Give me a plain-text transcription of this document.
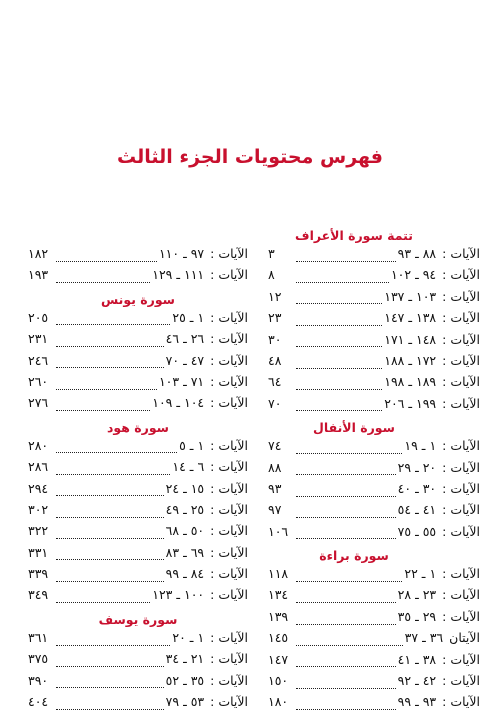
فهرس محتويات الجزء الثالث
تتمة سورة الأعراف
الآيات :
٨٨ ـ ٩٣
٣
الآيات :
٩٤ ـ ١٠٢
٨
الآيات :
١٠٣ ـ ١٣٧
١٢
الآيات :
١٣٨ ـ ١٤٧
٢٣
الآيات :
١٤٨ ـ ١٧١
٣٠
الآيات :
١٧٢ ـ ١٨٨
٤٨
الآيات :
١٨٩ ـ ١٩٨
٦٤
الآيات :
١٩٩ ـ ٢٠٦
٧٠
سورة الأنفال
الآيات :
١ ـ ١٩
٧٤
الآيات :
٢٠ ـ ٢٩
٨٨
الآيات :
٣٠ ـ ٤٠
٩٣
الآيات :
٤١ ـ ٥٤
٩٧
الآيات :
٥٥ ـ ٧٥
١٠٦
سورة براءة
الآيات :
١ ـ ٢٢
١١٨
الآيات :
٢٣ ـ ٢٨
١٣٤
الآيات :
٢٩ ـ ٣٥
١٣٩
الآيتان
٣٦ ـ ٣٧
١٤٥
الآيات :
٣٨ ـ ٤١
١٤٧
الآيات :
٤٢ ـ ٩٢
١٥٠
الآيات :
٩٣ ـ ٩٩
١٨٠
الآيات :
٩٧ ـ ١١٠
١٨٢
الآيات :
١١١ ـ ١٢٩
١٩٣
سورة يونس
الآيات :
١ ـ ٢٥
٢٠٥
الآيات :
٢٦ ـ ٤٦
٢٣١
الآيات :
٤٧ ـ ٧٠
٢٤٦
الآيات :
٧١ ـ ١٠٣
٢٦٠
الآيات :
١٠٤ ـ ١٠٩
٢٧٦
سورة هود
الآيات :
١ ـ ٥
٢٨٠
الآيات :
٦ ـ ١٤
٢٨٦
الآيات :
١٥ ـ ٢٤
٢٩٤
الآيات :
٢٥ ـ ٤٩
٣٠٢
الآيات :
٥٠ ـ ٦٨
٣٢٢
الآيات :
٦٩ ـ ٨٣
٣٣١
الآيات :
٨٤ ـ ٩٩
٣٣٩
الآيات :
١٠٠ ـ ١٢٣
٣٤٩
سورة يوسف
الآيات :
١ ـ ٢٠
٣٦١
الآيات :
٢١ ـ ٣٤
٣٧٥
الآيات :
٣٥ ـ ٥٢
٣٩٠
الآيات :
٥٣ ـ ٧٩
٤٠٤
